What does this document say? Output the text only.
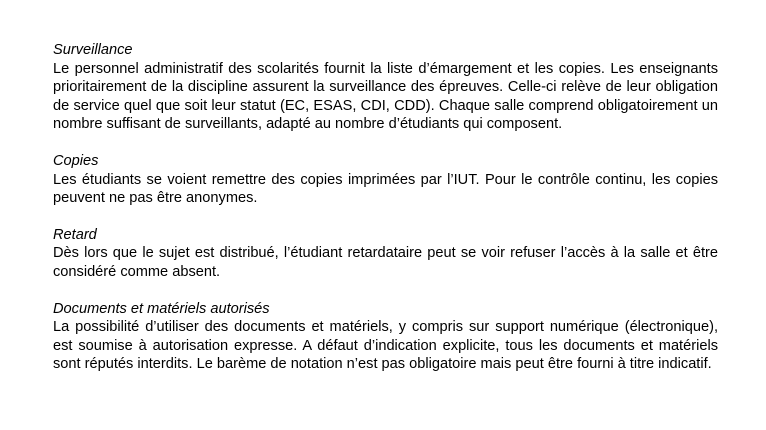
Surveillance

Le personnel administratif des scolarités fournit la liste d’émargement et les copies. Les enseignants prioritairement de la discipline assurent la surveillance des épreuves. Celle-ci relève de leur obligation de service quel que soit leur statut (EC, ESAS, CDI, CDD). Chaque salle comprend obligatoirement un nombre suffisant de surveillants, adapté au nombre d’étudiants qui composent.

Copies

Les étudiants se voient remettre des copies imprimées par l’IUT. Pour le contrôle continu, les copies peuvent ne pas être anonymes.

Retard

Dès lors que le sujet est distribué, l’étudiant retardataire peut se voir refuser l’accès à la salle et être considéré comme absent.

Documents et matériels autorisés

La possibilité d’utiliser des documents et matériels, y compris sur support numérique (électronique), est soumise à autorisation expresse. A défaut d’indication explicite, tous les documents et matériels sont réputés interdits. Le barème de notation n’est pas obligatoire mais peut être fourni à titre indicatif.
